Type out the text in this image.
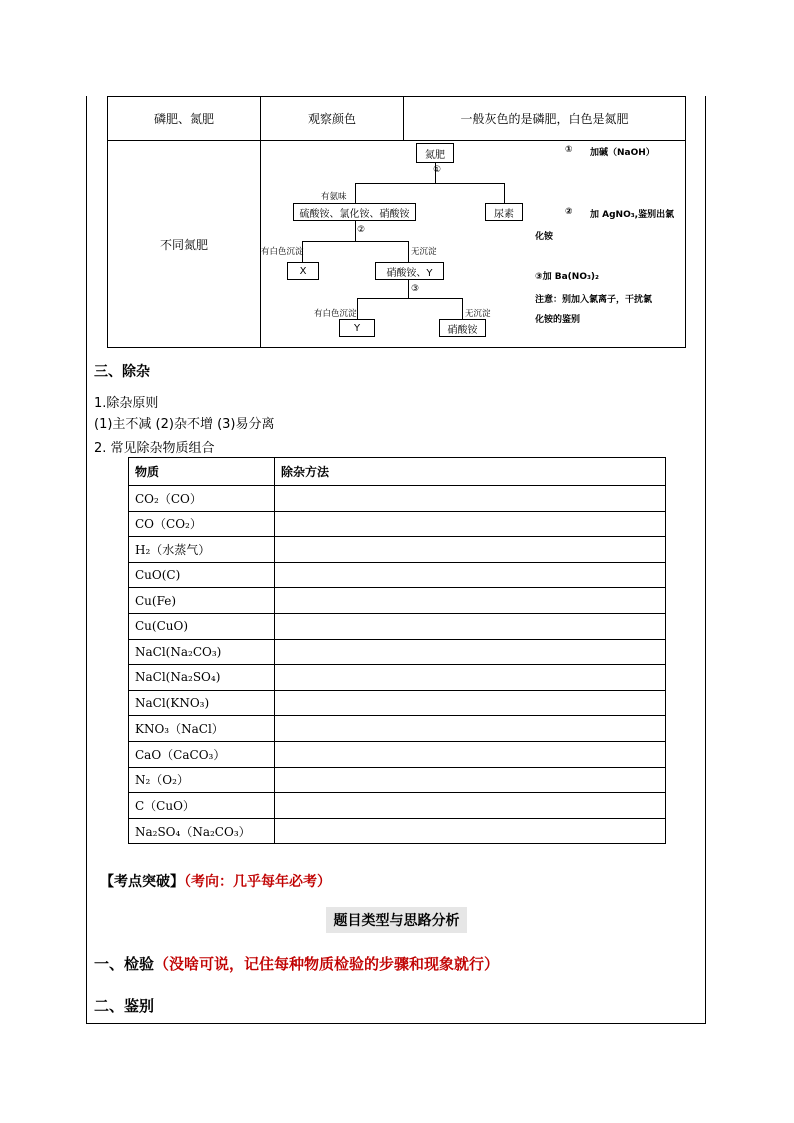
磷肥、氮肥	观察颜色	一般灰色的是磷肥，白色是氮肥
不同氮肥
氮肥
①
有氨味
硫酸铵、氯化铵、硝酸铵	尿素
②
有白色沉淀	无沉淀
X	硝酸铵、Y
③
有白色沉淀	无沉淀
Y	硝酸铵
① 加碱（NaOH）
② 加 AgNO₃,鉴别出氯
化铵
③加 Ba(NO₃)₂
注意：别加入氯离子，干扰氯
化铵的鉴别
三、除杂
1.除杂原则
(1)主不减 (2)杂不增 (3)易分离
2. 常见除杂物质组合
物质	除杂方法
CO₂（CO）	
CO（CO₂）	
H₂（水蒸气）	
CuO(C)	
Cu(Fe)	
Cu(CuO)	
NaCl(Na₂CO₃)	
NaCl(Na₂SO₄)	
NaCl(KNO₃)	
KNO₃（NaCl）	
CaO（CaCO₃）	
N₂（O₂）	
C（CuO）	
Na₂SO₄（Na₂CO₃）	
【考点突破】（考向：几乎每年必考）
题目类型与思路分析
一、检验（没啥可说，记住每种物质检验的步骤和现象就行）
二、鉴别
